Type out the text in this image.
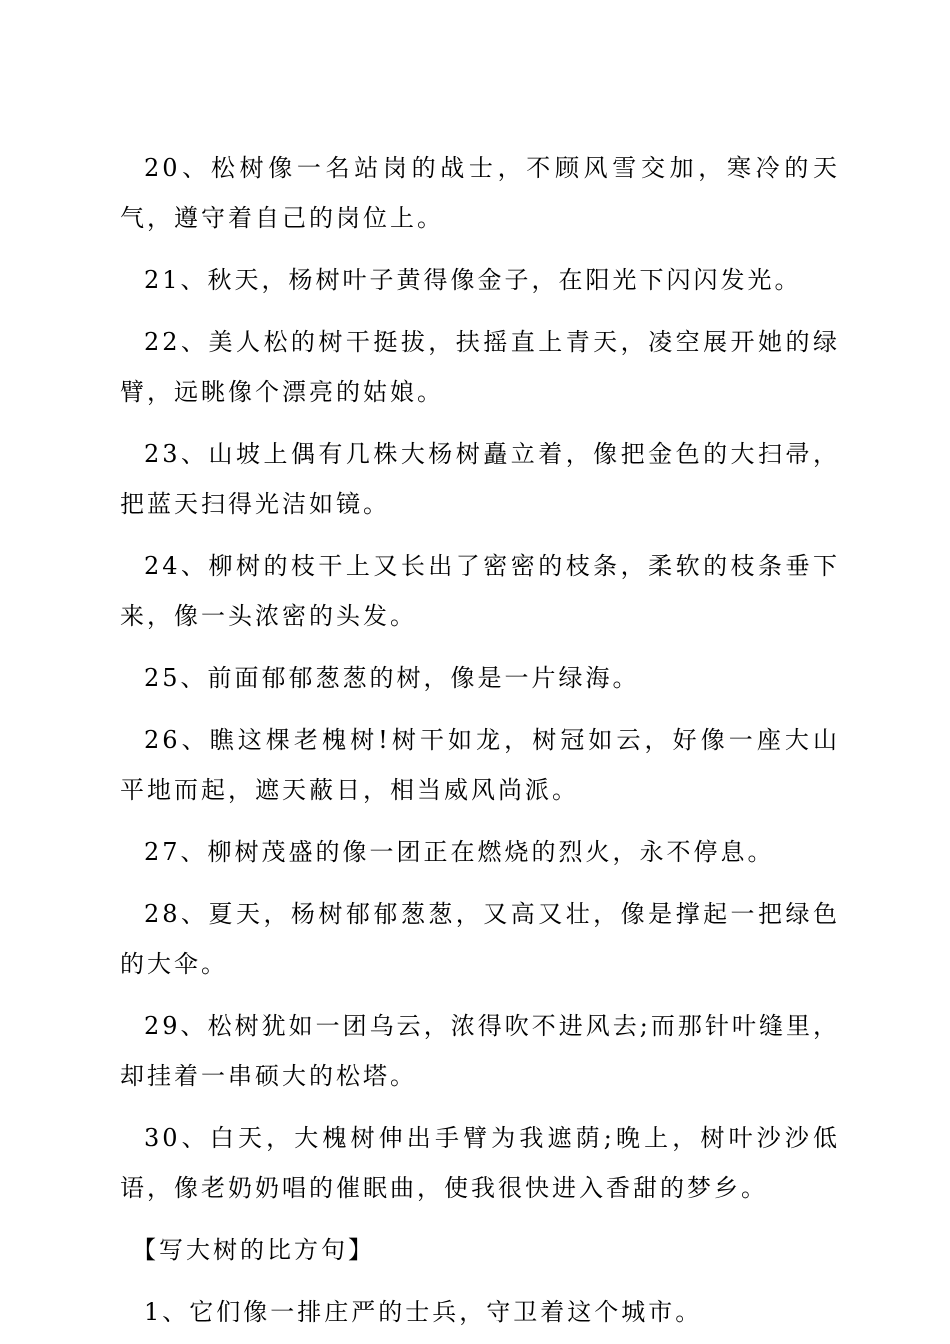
20、松树像一名站岗的战士，不顾风雪交加，寒冷的天气，遵守着自己的岗位上。

21、秋天，杨树叶子黄得像金子，在阳光下闪闪发光。

22、美人松的树干挺拔，扶摇直上青天，凌空展开她的绿臂，远眺像个漂亮的姑娘。

23、山坡上偶有几株大杨树矗立着，像把金色的大扫帚，把蓝天扫得光洁如镜。

24、柳树的枝干上又长出了密密的枝条，柔软的枝条垂下来，像一头浓密的头发。

25、前面郁郁葱葱的树，像是一片绿海。

26、瞧这棵老槐树!树干如龙，树冠如云，好像一座大山平地而起，遮天蔽日，相当威风尚派。

27、柳树茂盛的像一团正在燃烧的烈火，永不停息。

28、夏天，杨树郁郁葱葱，又高又壮，像是撑起一把绿色的大伞。

29、松树犹如一团乌云，浓得吹不进风去;而那针叶缝里，却挂着一串硕大的松塔。

30、白天，大槐树伸出手臂为我遮荫;晚上，树叶沙沙低语，像老奶奶唱的催眠曲，使我很快进入香甜的梦乡。

【写大树的比方句】

1、它们像一排庄严的士兵，守卫着这个城市。
